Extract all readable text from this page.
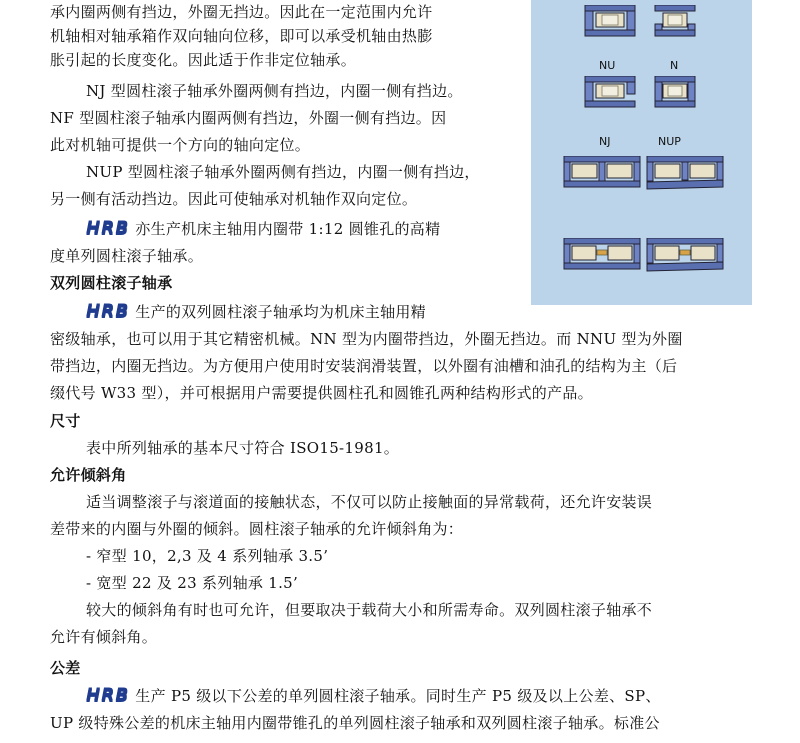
承内圈两侧有挡边，外圈无挡边。因此在一定范围内允许
机轴相对轴承箱作双向轴向位移，即可以承受机轴由热膨
胀引起的长度变化。因此适于作非定位轴承。
NJ 型圆柱滚子轴承外圈两侧有挡边，内圈一侧有挡边。
NF 型圆柱滚子轴承内圈两侧有挡边，外圈一侧有挡边。因
此对机轴可提供一个方向的轴向定位。
NUP 型圆柱滚子轴承外圈两侧有挡边，内圈一侧有挡边，
另一侧有活动挡边。因此可使轴承对机轴作双向定位。
HRB 亦生产机床主轴用内圈带 1:12 圆锥孔的高精
度单列圆柱滚子轴承。
双列圆柱滚子轴承
HRB 生产的双列圆柱滚子轴承均为机床主轴用精
密级轴承，也可以用于其它精密机械。NN 型为内圈带挡边，外圈无挡边。而 NNU 型为外圈
带挡边，内圈无挡边。为方便用户使用时安装润滑装置，以外圈有油槽和油孔的结构为主（后
缀代号 W33 型），并可根据用户需要提供圆柱孔和圆锥孔两种结构形式的产品。
尺寸
表中所列轴承的基本尺寸符合 ISO15-1981。
允许倾斜角
适当调整滚子与滚道面的接触状态，不仅可以防止接触面的异常载荷，还允许安装误
差带来的内圈与外圈的倾斜。圆柱滚子轴承的允许倾斜角为：
- 窄型 10，2,3 及 4 系列轴承 3.5’
- 宽型 22 及 23 系列轴承 1.5’
较大的倾斜角有时也可允许，但要取决于载荷大小和所需寿命。双列圆柱滚子轴承不
允许有倾斜角。
公差
HRB 生产 P5 级以下公差的单列圆柱滚子轴承。同时生产 P5 级及以上公差、SP、
UP 级特殊公差的机床主轴用内圈带锥孔的单列圆柱滚子轴承和双列圆柱滚子轴承。标准公
NU	N
NJ	NUP
